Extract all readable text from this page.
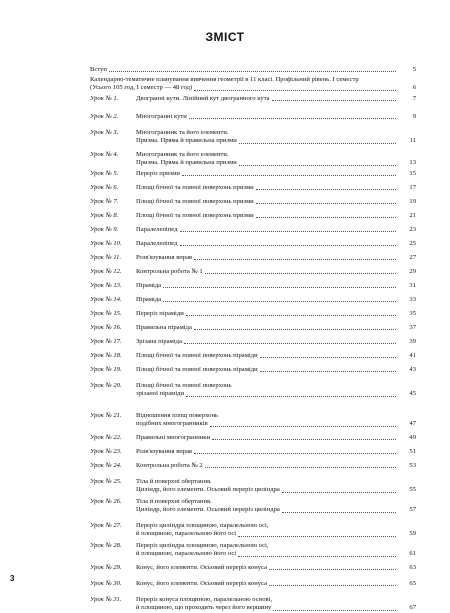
ЗМІСТ
Вступ	5
Календарно-тематичне планування вивчення геометрії в 11 класі. Профільний рівень. І семестр
(Усього 105 год, І семестр — 48 год)	6
Урок № 1.	Двогранні кути. Лінійний кут двогранного кута	7
Урок № 2.	Многогранні кути	9
Урок № 3.	Многогранник та його елементи.
Призма. Пряма й правильна призми	11
Урок № 4.	Многогранник та його елементи.
Призма. Пряма й правильна призми	13
Урок № 5.	Переріз призми	15
Урок № 6.	Площі бічної та повної поверхонь призми	17
Урок № 7.	Площі бічної та повної поверхонь призми	19
Урок № 8.	Площі бічної та повної поверхонь призми	21
Урок № 9.	Паралелепіпед	23
Урок № 10.	Паралелепіпед	25
Урок № 11.	Розв'язування вправ	27
Урок № 12.	Контрольна робота № 1	29
Урок № 13.	Піраміда	31
Урок № 14.	Піраміда	33
Урок № 15.	Переріз піраміди	35
Урок № 16.	Правильна піраміда	37
Урок № 17.	Зрізана піраміда	39
Урок № 18.	Площі бічної та повної поверхонь піраміди	41
Урок № 19.	Площі бічної та повної поверхонь піраміди	43
Урок № 20.	Площі бічної та повної поверхонь
зрізаної піраміди	45
Урок № 21.	Відношення площ поверхонь
подібних многогранників	47
Урок № 22.	Правильні многогранники	49
Урок № 23.	Розв'язування вправ	51
Урок № 24.	Контрольна робота № 2	53
Урок № 25.	Тіла й поверхні обертання.
Циліндр, його елементи. Осьовий переріз циліндра	55
Урок № 26.	Тіла й поверхні обертання.
Циліндр, його елементи. Осьовий переріз циліндра	57
Урок № 27.	Переріз циліндра площиною, паралельною осі,
й площиною, паралельною його осі	59
Урок № 28.	Переріз циліндра площиною, паралельною осі,
й площиною, паралельною його осі	61
Урок № 29.	Конус, його елементи. Осьовий переріз конуса	63
Урок № 30.	Конус, його елементи. Осьовий переріз конуса	65
Урок № 31.	Переріз конуса площиною, паралельною основі,
й площиною, що проходить через його вершину	67
3
